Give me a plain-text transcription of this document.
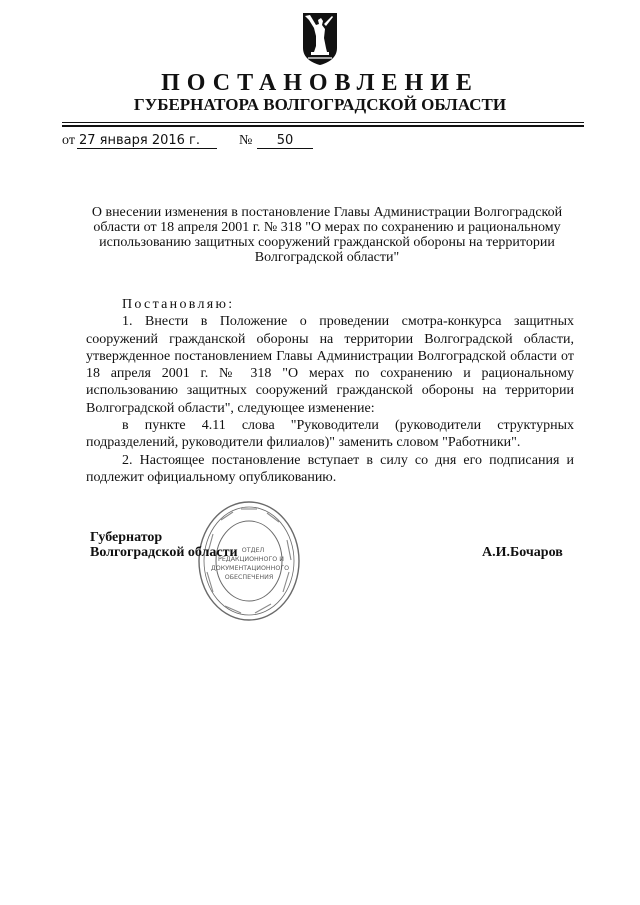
ПОСТАНОВЛЕНИЕ
ГУБЕРНАТОРА ВОЛГОГРАДСКОЙ ОБЛАСТИ
от 27 января 2016 г.	№	50
О внесении изменения в постановление Главы Администрации Волгоградской области от 18 апреля 2001 г. № 318 "О мерах по сохранению и рациональному использованию защитных сооружений гражданской обороны на территории Волгоградской области"

Постановляю:

1. Внести в Положение о проведении смотра-конкурса защитных сооружений гражданской обороны на территории Волгоградской области, утвержденное постановлением Главы Администрации Волгоградской области от 18 апреля 2001 г. № 318 "О мерах по сохранению и рациональному использованию защитных сооружений гражданской обороны на территории Волгоградской области", следующее изменение:

в пункте 4.11 слова "Руководители (руководители структурных подразделений, руководители филиалов)" заменить словом "Работники".

2. Настоящее постановление вступает в силу со дня его подписания и подлежит официальному опубликованию.

ОТДЕЛ
РЕДАКЦИОННОГО И
ДОКУМЕНТАЦИОННОГО
ОБЕСПЕЧЕНИЯ
Губернатор
Волгоградской области	А.И.Бочаров
